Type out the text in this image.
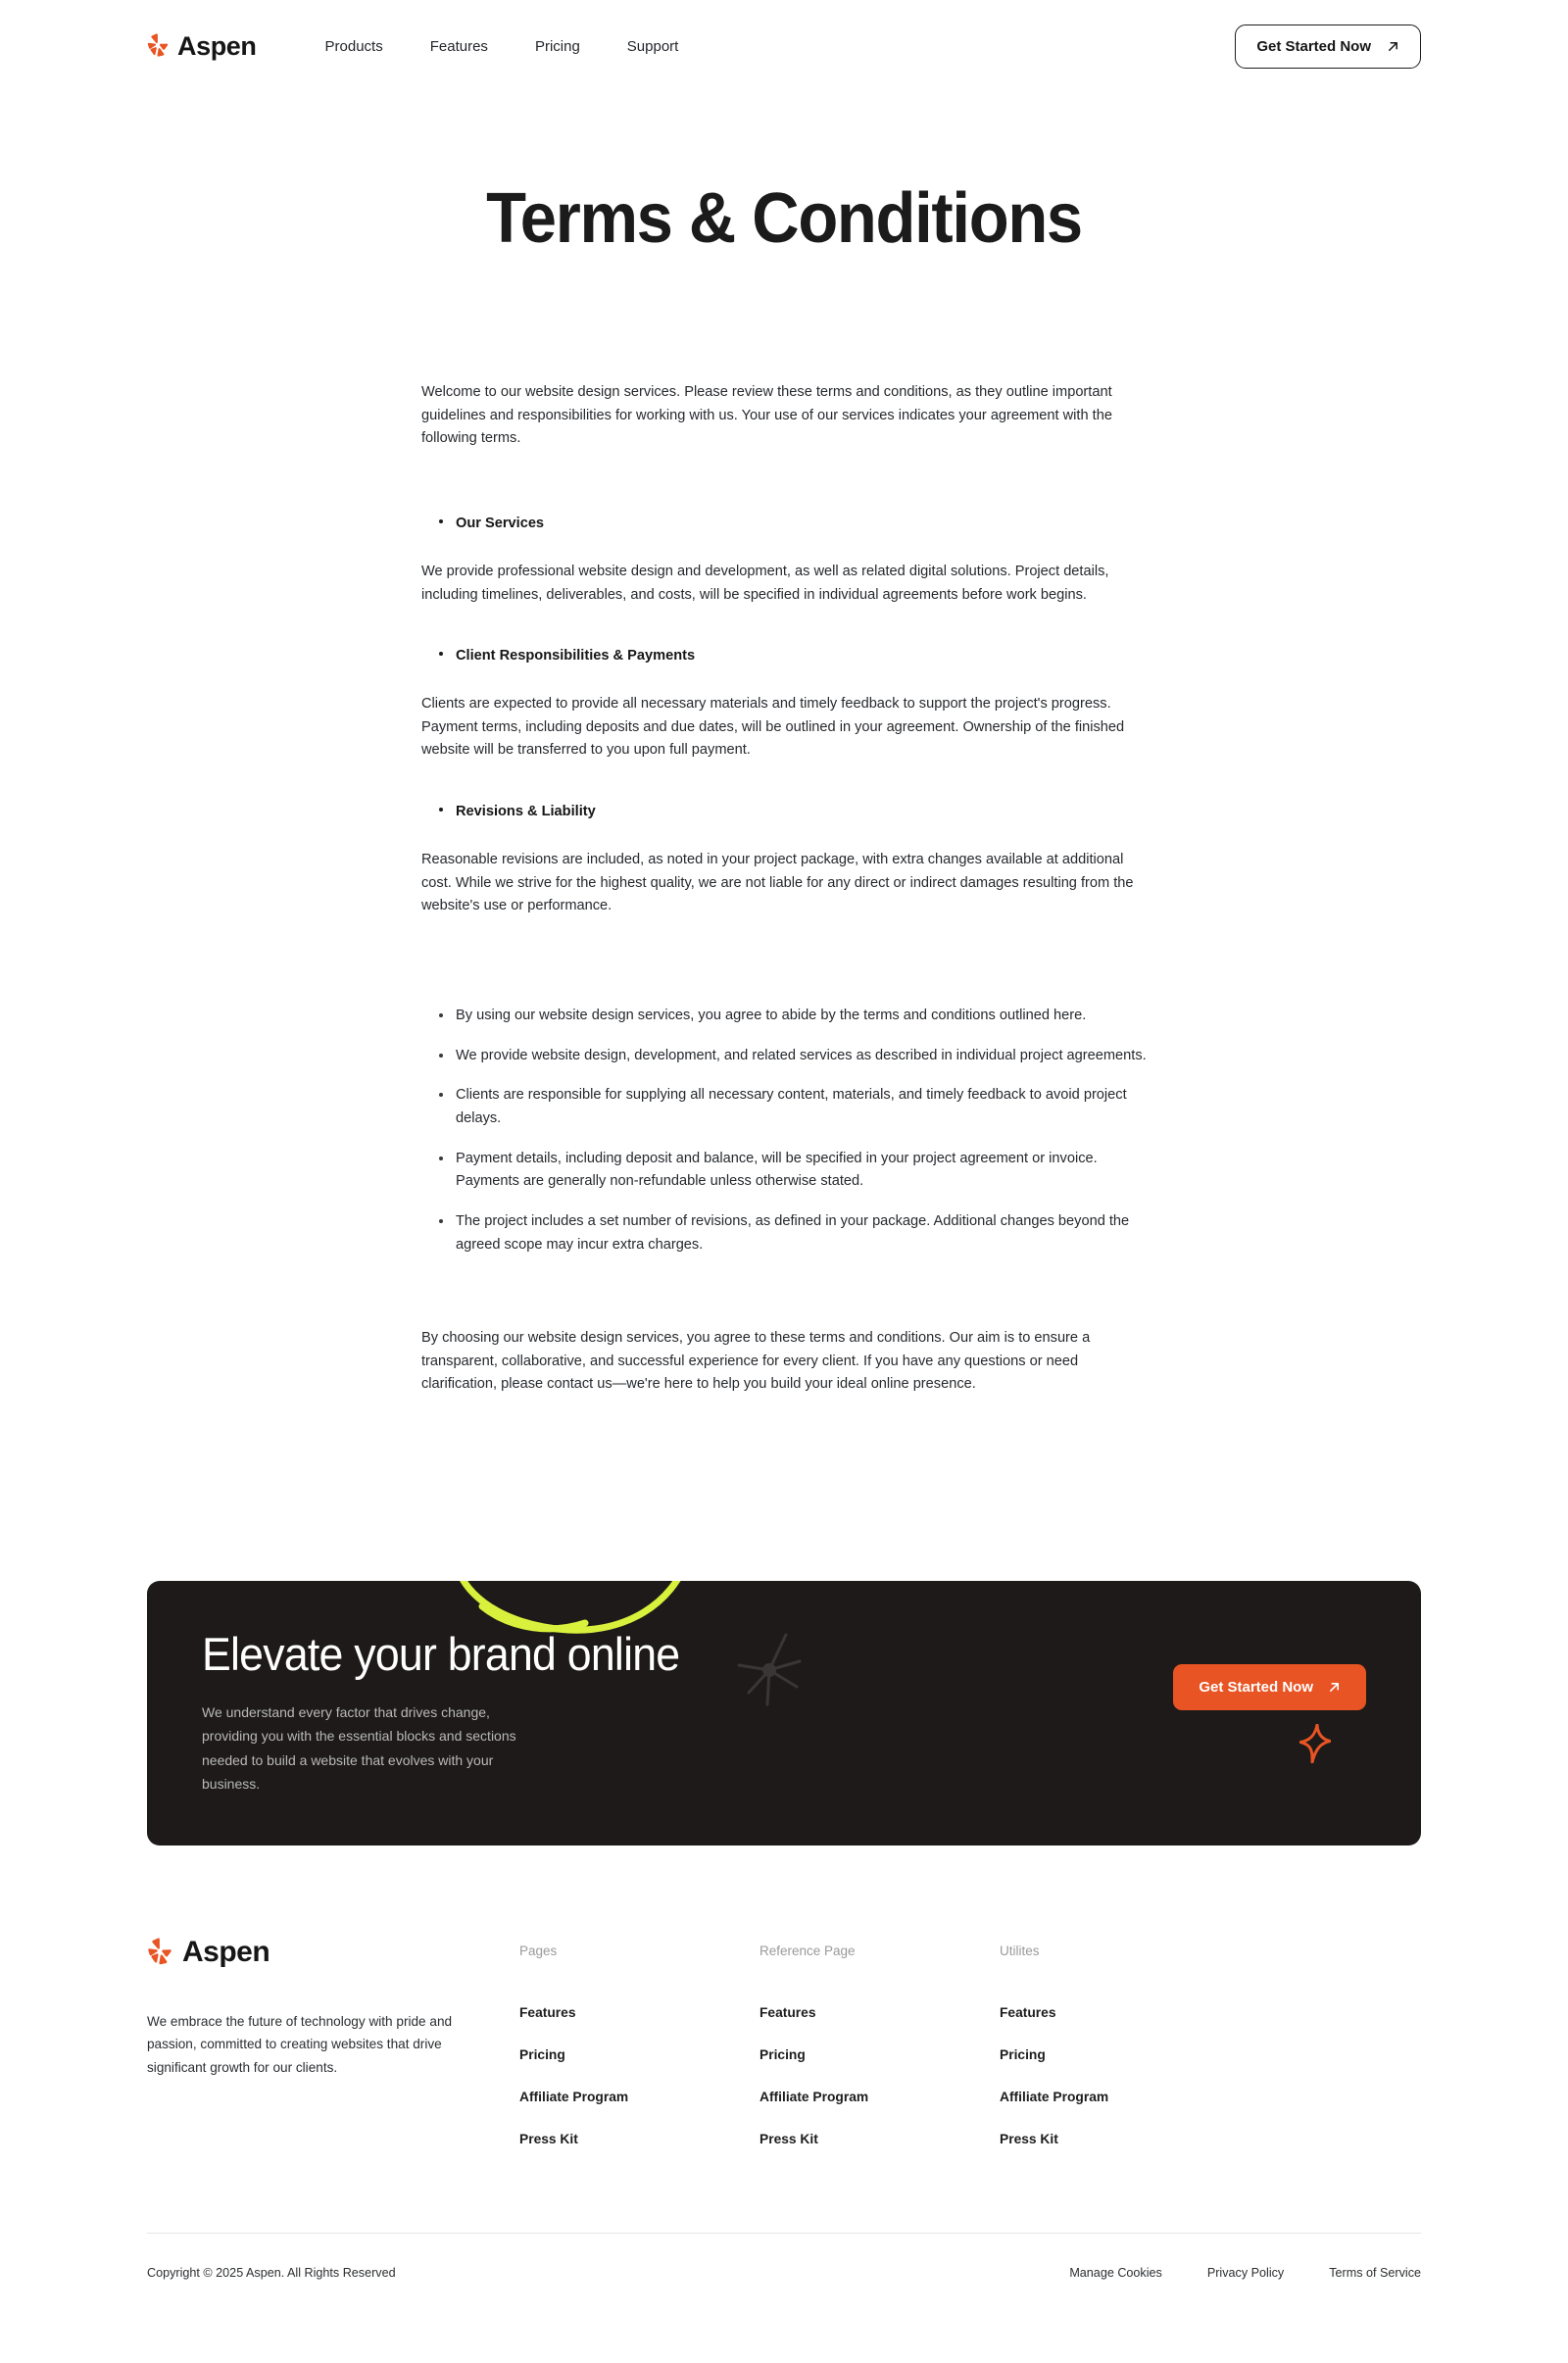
Aspen	Products	Features	Pricing	Support	Get Started Now
Terms & Conditions

Welcome to our website design services. Please review these terms and conditions, as they outline important guidelines and responsibilities for working with us. Your use of our services indicates your agreement with the following terms.

Our Services

We provide professional website design and development, as well as related digital solutions. Project details, including timelines, deliverables, and costs, will be specified in individual agreements before work begins.

Client Responsibilities & Payments

Clients are expected to provide all necessary materials and timely feedback to support the project's progress. Payment terms, including deposits and due dates, will be outlined in your agreement. Ownership of the finished website will be transferred to you upon full payment.

Revisions & Liability

Reasonable revisions are included, as noted in your project package, with extra changes available at additional cost. While we strive for the highest quality, we are not liable for any direct or indirect damages resulting from the website's use or performance.

By using our website design services, you agree to abide by the terms and conditions outlined here.
We provide website design, development, and related services as described in individual project agreements.
Clients are responsible for supplying all necessary content, materials, and timely feedback to avoid project delays.
Payment details, including deposit and balance, will be specified in your project agreement or invoice. Payments are generally non-refundable unless otherwise stated.
The project includes a set number of revisions, as defined in your package. Additional changes beyond the agreed scope may incur extra charges.

By choosing our website design services, you agree to these terms and conditions. Our aim is to ensure a transparent, collaborative, and successful experience for every client. If you have any questions or need clarification, please contact us—we're here to help you build your ideal online presence.

Elevate your brand online
We understand every factor that drives change, providing you with the essential blocks and sections needed to build a website that evolves with your business.
Get Started Now
Aspen

We embrace the future of technology with pride and passion, committed to creating websites that drive significant growth for our clients.

Pages
Features
Pricing
Affiliate Program
Press Kit
Reference Page
Features
Pricing
Affiliate Program
Press Kit
Utilites
Features
Pricing
Affiliate Program
Press Kit
Copyright © 2025 Aspen. All Rights Reserved	Manage Cookies	Privacy Policy	Terms of Service
